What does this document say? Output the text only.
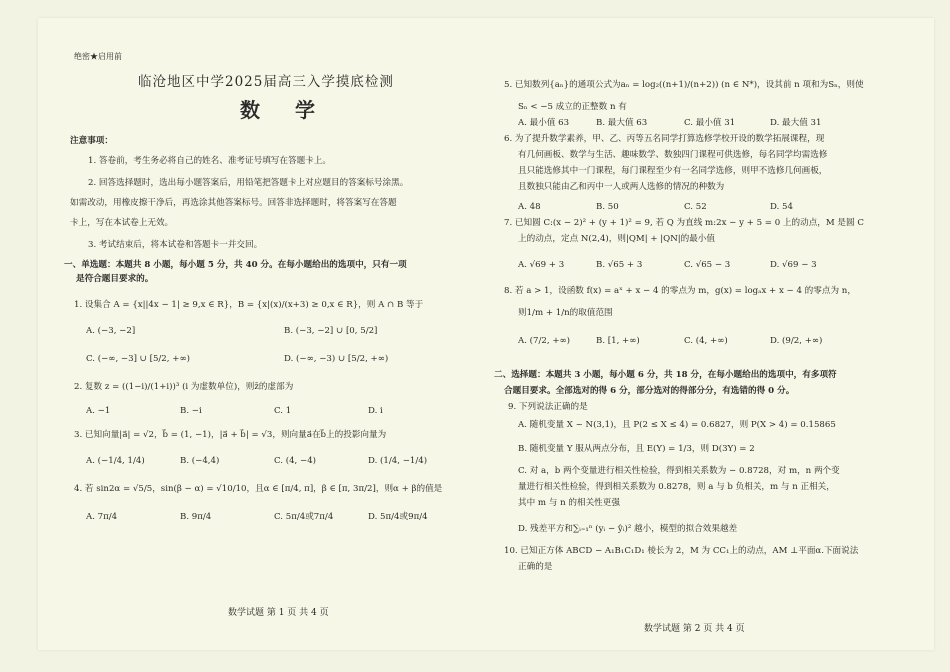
绝密★启用前
临沧地区中学2025届高三入学摸底检测
数 学
注意事项：
1. 答卷前，考生务必将自己的姓名、准考证号填写在答题卡上。
2. 回答选择题时，选出每小题答案后，用铅笔把答题卡上对应题目的答案标号涂黑。
如需改动，用橡皮擦干净后，再选涂其他答案标号。回答非选择题时，将答案写在答题
卡上，写在本试卷上无效。
3. 考试结束后，将本试卷和答题卡一并交回。
一、单选题：本题共 8 小题，每小题 5 分，共 40 分。在每小题给出的选项中，只有一项
是符合题目要求的。
1. 设集合 A = {x||4x − 1| ≥ 9,x ∈ R}，B = {x|(x)/(x+3) ≥ 0,x ∈ R}，则 A ∩ B 等于
A. (−3, −2]	B. (−3, −2] ∪ [0, 5/2]
C. (−∞, −3] ∪ [5/2, +∞)	D. (−∞, −3) ∪ [5/2, +∞)
2. 复数 z = ((1−i)/(1+i))³ (i 为虚数单位)，则z̄的虚部为
A. −1	B. −i	C. 1	D. i
3. 已知向量|a⃗| = √2，b⃗ = (1, −1)，|a⃗ + b⃗| = √3，则向量a⃗在b⃗上的投影向量为
A. (−1/4, 1/4)	B. (−4,4)	C. (4, −4)	D. (1/4, −1/4)
4. 若 sin2α = √5/5，sin(β − α) = √10/10，且α ∈ [π/4, π]，β ∈ [π, 3π/2]，则α + β的值是
A. 7π/4	B. 9π/4	C. 5π/4或7π/4	D. 5π/4或9π/4
数学试题 第 1 页 共 4 页
5. 已知数列{aₙ}的通项公式为aₙ = log₂((n+1)/(n+2)) (n ∈ N*)，设其前 n 项和为Sₙ，则使
Sₙ < −5 成立的正整数 n 有
A. 最小值 63	B. 最大值 63	C. 最小值 31	D. 最大值 31
6. 为了提升数学素养，甲、乙、丙等五名同学打算选修学校开设的数学拓展课程，现
有几何画板、数学与生活、趣味数学、数独四门课程可供选修，每名同学均需选修
且只能选修其中一门课程，每门课程至少有一名同学选修，则甲不选修几何画板，
且数独只能由乙和丙中一人或两人选修的情况的种数为
A. 48	B. 50	C. 52	D. 54
7. 已知圆 C:(x − 2)² + (y + 1)² = 9, 若 Q 为直线 m:2x − y + 5 = 0 上的动点，M 是圆 C
上的动点，定点 N(2,4)，则|QM| + |QN|的最小值
A. √69 + 3	B. √65 + 3	C. √65 − 3	D. √69 − 3
8. 若 a > 1，设函数 f(x) = aˣ + x − 4 的零点为 m，g(x) = logₐx + x − 4 的零点为 n，
则1/m + 1/n的取值范围
A. (7/2, +∞)	B. [1, +∞)	C. (4, +∞)	D. (9/2, +∞)
二、选择题：本题共 3 小题，每小题 6 分，共 18 分，在每小题给出的选项中，有多项符
合题目要求。全部选对的得 6 分，部分选对的得部分分，有选错的得 0 分。
9. 下列说法正确的是
A. 随机变量 X ~ N(3,1)，且 P(2 ≤ X ≤ 4) = 0.6827，则 P(X > 4) = 0.15865
B. 随机变量 Y 服从两点分布，且 E(Y) = 1/3，则 D(3Y) = 2
C. 对 a，b 两个变量进行相关性检验，得到相关系数为 − 0.8728，对 m，n 两个变
量进行相关性检验，得到相关系数为 0.8278，则 a 与 b 负相关，m 与 n 正相关，
其中 m 与 n 的相关性更强
D. 残差平方和∑ᵢ₌₁ⁿ (yᵢ − ŷᵢ)² 越小，模型的拟合效果越差
10. 已知正方体 ABCD − A₁B₁C₁D₁ 棱长为 2，M 为 CC₁上的动点，AM ⊥平面α.下面说法
正确的是
数学试题 第 2 页 共 4 页
